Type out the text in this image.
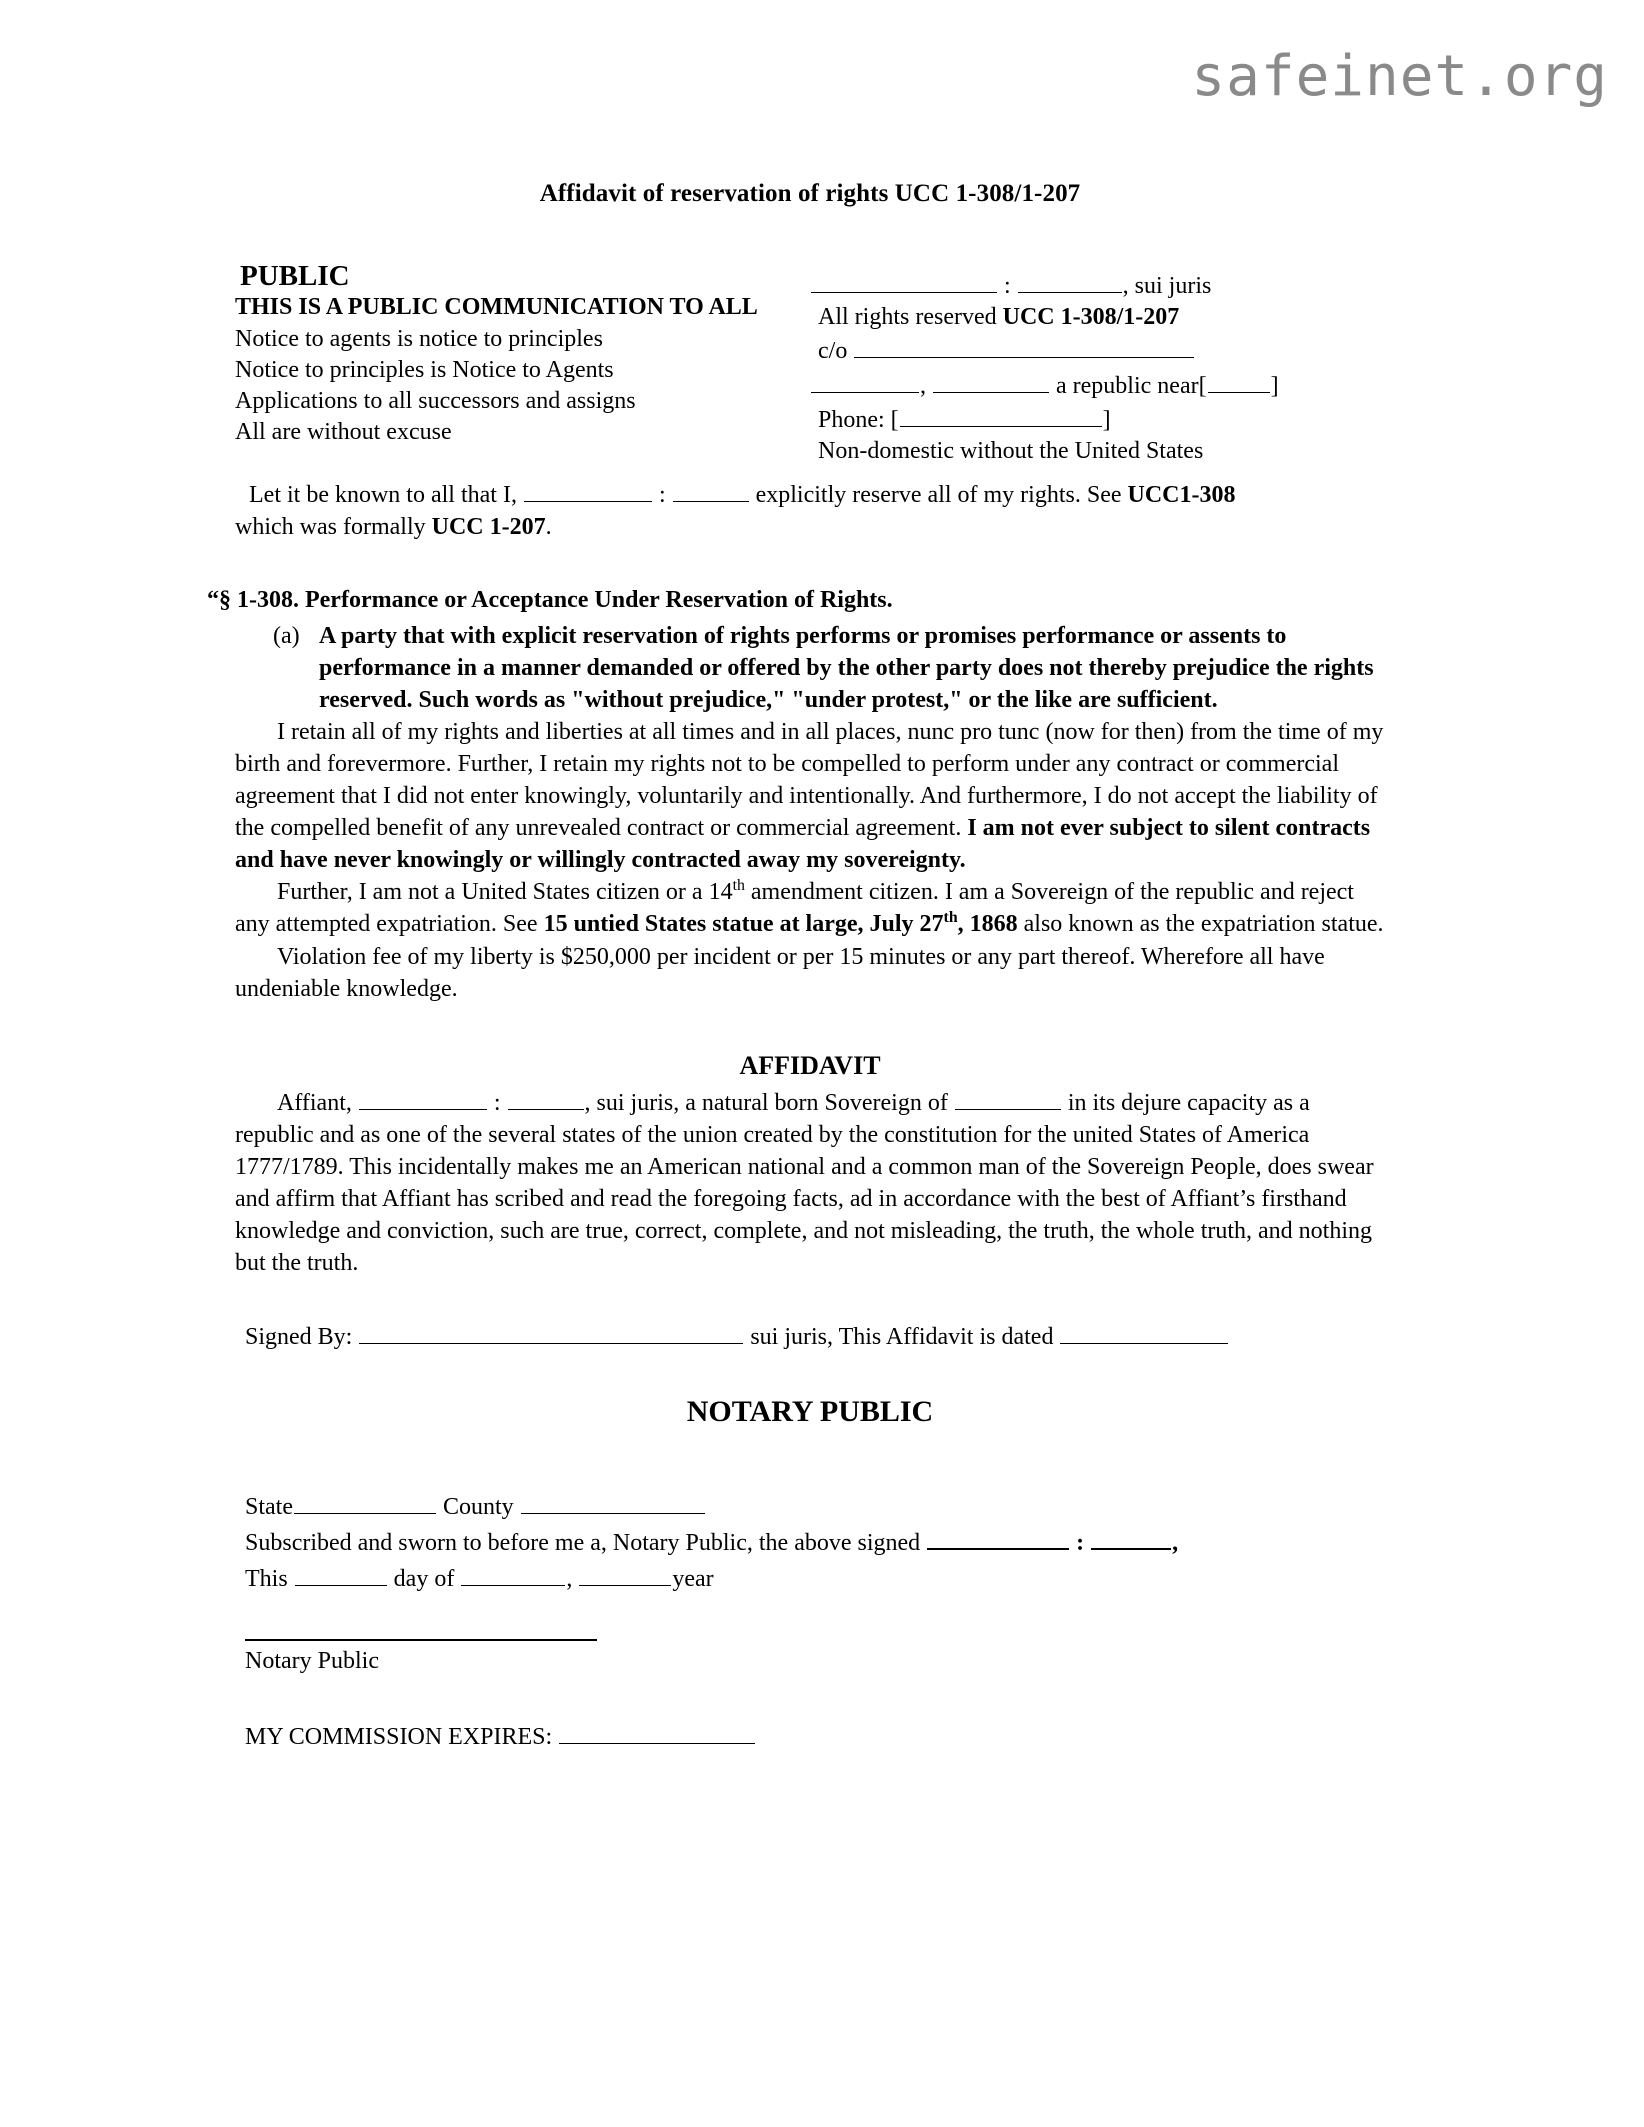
safeinet.org
Affidavit of reservation of rights UCC 1-308/1-207
PUBLIC
THIS IS A PUBLIC COMMUNICATION TO ALL
Notice to agents is notice to principles
Notice to principles is Notice to Agents
Applications to all successors and assigns
All are without excuse
:	, sui juris
All rights reserved UCC 1-308/1-207
c/o
,	a republic near[	]
Phone: [	]
Non-domestic without the United States

Let it be known to all that I,	:	explicitly reserve all of my rights. See UCC1-308
which was formally UCC 1-207.

“§ 1-308. Performance or Acceptance Under Reservation of Rights.
(a) A party that with explicit reservation of rights performs or promises performance or assents to performance in a manner demanded or offered by the other party does not thereby prejudice the rights reserved. Such words as "without prejudice," "under protest," or the like are sufficient.

I retain all of my rights and liberties at all times and in all places, nunc pro tunc (now for then) from the time of my birth and forevermore. Further, I retain my rights not to be compelled to perform under any contract or commercial agreement that I did not enter knowingly, voluntarily and intentionally. And furthermore, I do not accept the liability of the compelled benefit of any unrevealed contract or commercial agreement. I am not ever subject to silent contracts and have never knowingly or willingly contracted away my sovereignty.

Further, I am not a United States citizen or a 14th amendment citizen. I am a Sovereign of the republic and reject any attempted expatriation. See 15 untied States statue at large, July 27th, 1868 also known as the expatriation statue.

Violation fee of my liberty is $250,000 per incident or per 15 minutes or any part thereof. Wherefore all have undeniable knowledge.

AFFIDAVIT

Affiant,	:	, sui juris, a natural born Sovereign of	in its dejure capacity as a republic and as one of the several states of the union created by the constitution for the united States of America 1777/1789. This incidentally makes me an American national and a common man of the Sovereign People, does swear and affirm that Affiant has scribed and read the foregoing facts, ad in accordance with the best of Affiant’s firsthand knowledge and conviction, such are true, correct, complete, and not misleading, the truth, the whole truth, and nothing but the truth.

Signed By:	sui juris, This Affidavit is dated
NOTARY PUBLIC
State	County
Subscribed and sworn to before me a, Notary Public, the above signed	:	,
This	day of	,	year
Notary Public
MY COMMISSION EXPIRES:
